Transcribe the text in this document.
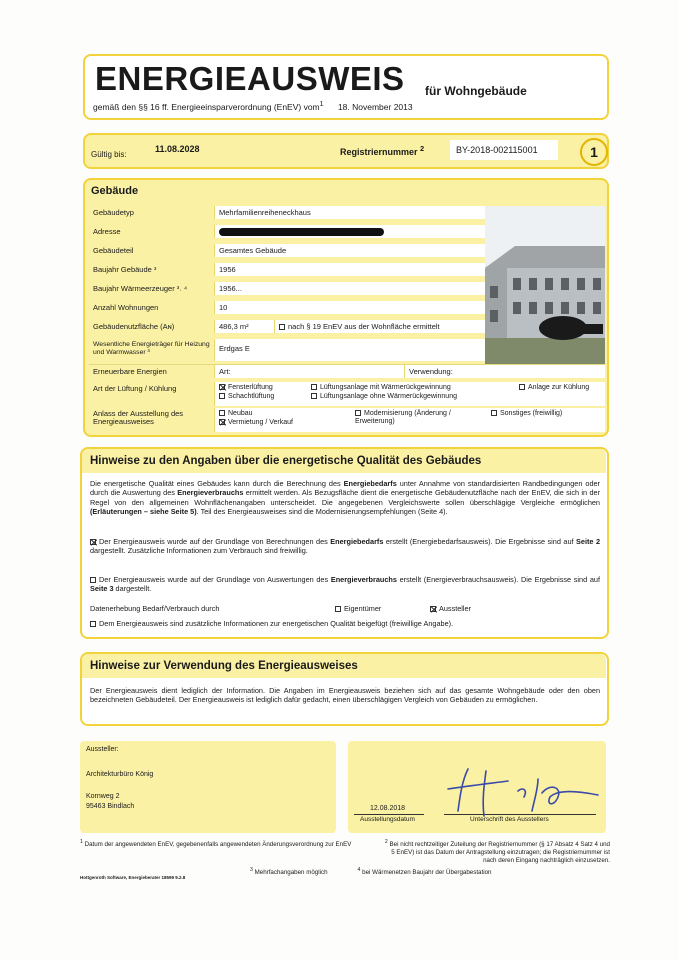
ENERGIEAUSWEIS für Wohngebäude
gemäß den §§ 16 ff. Energieeinsparverordnung (EnEV) vom$^1$ 18. November 2013
Gültig bis:
11.08.2028	Registriernummer $^2$	BY-2018-002115001	1
Gebäude
Gebäudetyp	Mehrfamilienreiheneckhaus
Adresse
Gebäudeteil	Gesamtes Gebäude
Baujahr Gebäude ³	1956
Baujahr Wärmeerzeuger ³˒ ⁴	1956...
Anzahl Wohnungen	10
Gebäudenutzfläche (Aɴ)	486,3 m²	nach § 19 EnEV aus der Wohnfläche ermittelt
Wesentliche Energieträger für Heizung und Warmwasser ³	Erdgas E
Erneuerbare Energien	Art:	Verwendung:
Art der Lüftung / Kühlung	Fensterlüftung
Schachtlüftung
Lüftungsanlage mit Wärmerückgewinnung
Lüftungsanlage ohne Wärmerückgewinnung
Anlage zur Kühlung
Anlass der Ausstellung des Energieausweises
Neubau
Vermietung / Verkauf
Modernisierung (Änderung / Erweiterung)
Sonstiges (freiwillig)
Hinweise zu den Angaben über die energetische Qualität des Gebäudes
Die energetische Qualität eines Gebäudes kann durch die Berechnung des Energiebedarfs unter Annahme von standardisierten Randbedingungen oder durch die Auswertung des Energieverbrauchs ermittelt werden. Als Bezugsfläche dient die energetische Gebäudenutzfläche nach der EnEV, die sich in der Regel von den allgemeinen Wohnflächenangaben unterscheidet. Die angegebenen Vergleichswerte sollen überschlägige Vergleiche ermöglichen (Erläuterungen – siehe Seite 5). Teil des Energieausweises sind die Modernisierungsempfehlungen (Seite 4).
Der Energieausweis wurde auf der Grundlage von Berechnungen des Energiebedarfs erstellt (Energiebedarfsausweis). Die Ergebnisse sind auf Seite 2 dargestellt. Zusätzliche Informationen zum Verbrauch sind freiwillig.
Der Energieausweis wurde auf der Grundlage von Auswertungen des Energieverbrauchs erstellt (Energieverbrauchsausweis). Die Ergebnisse sind auf Seite 3 dargestellt.
Datenerhebung Bedarf/Verbrauch durch	Eigentümer	Aussteller
Dem Energieausweis sind zusätzliche Informationen zur energetischen Qualität beigefügt (freiwillige Angabe).
Hinweise zur Verwendung des Energieausweises
Der Energieausweis dient lediglich der Information. Die Angaben im Energieausweis beziehen sich auf das gesamte Wohngebäude oder den oben bezeichneten Gebäudeteil. Der Energieausweis ist lediglich dafür gedacht, einen überschlägigen Vergleich von Gebäuden zu ermöglichen.
Aussteller:
Architekturbüro König
Kornweg 2
95463 Bindlach	12.08.2018
Ausstellungsdatum	Unterschrift des Ausstellers
$^1$ Datum der angewendeten EnEV, gegebenenfalls angewendeten Änderungsverordnung zur EnEV	$^2$ Bei nicht rechtzeitiger Zuteilung der Registriernummer (§ 17 Absatz 4 Satz 4 und 5 EnEV) ist das Datum der Antragstellung einzutragen; die Registriernummer ist nach deren Eingang nachträglich einzusetzen.
$^3$ Mehrfachangaben möglich	$^4$ bei Wärmenetzen Baujahr der Übergabestation
Hottgenroth Software, Energieberater 18599 9.2.8
